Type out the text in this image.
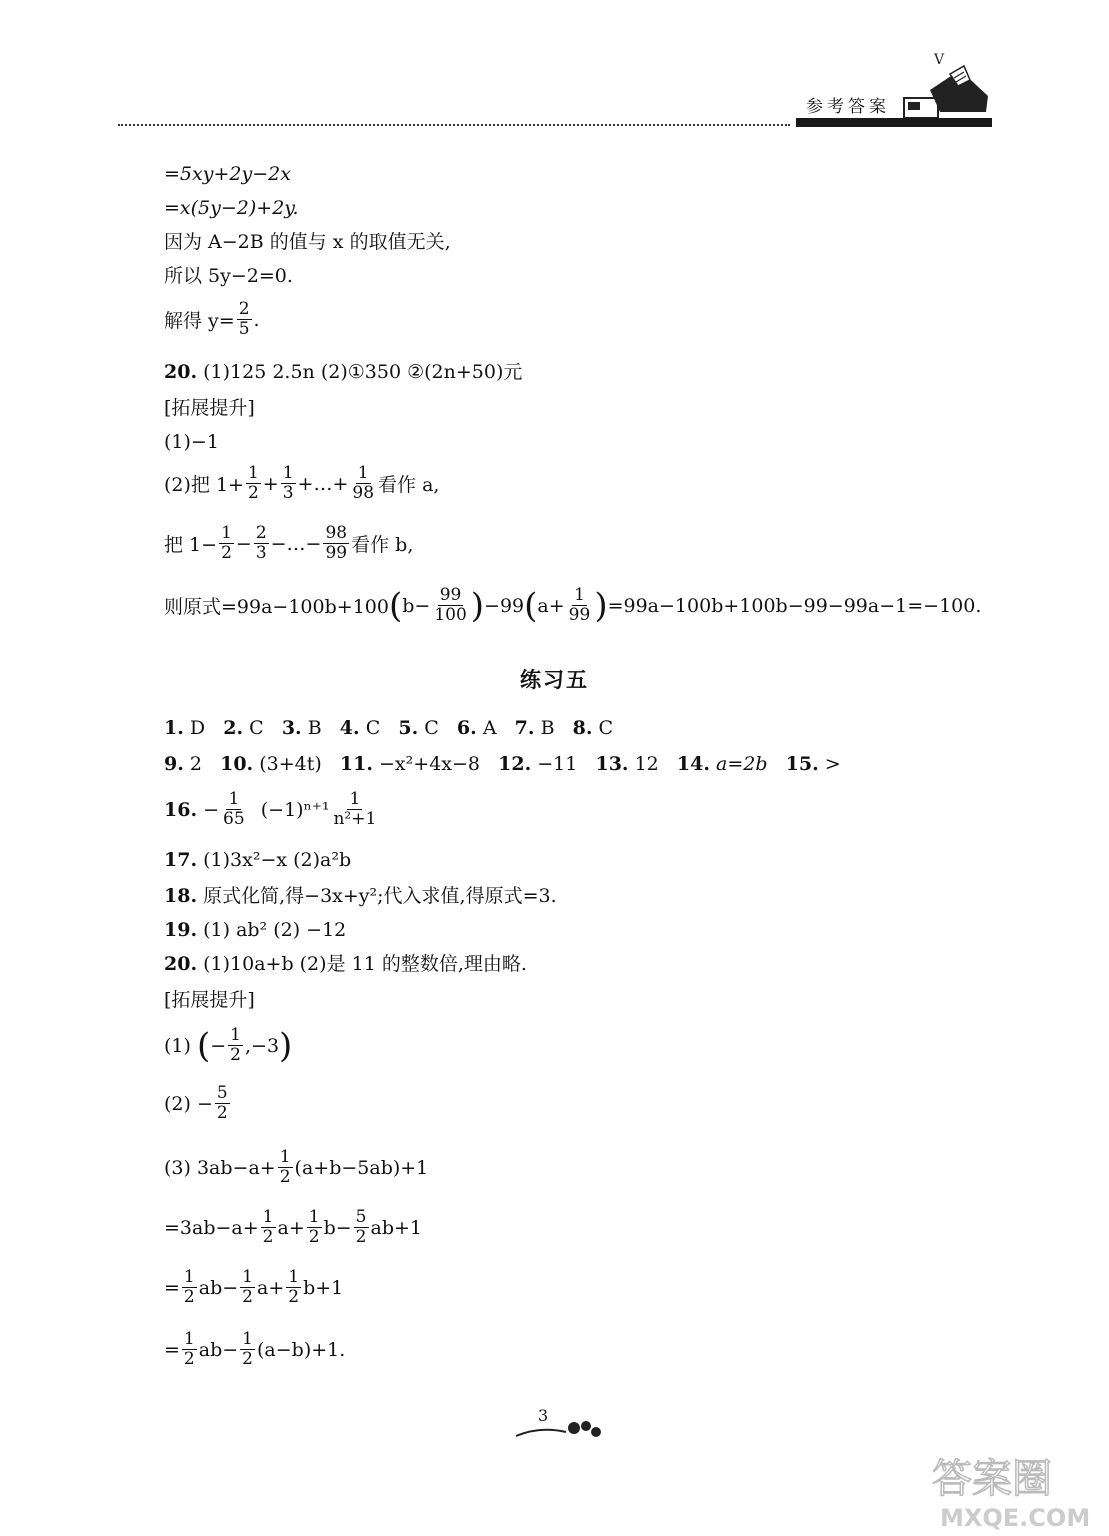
V
参考答案
=5xy+2y−2x
=x(5y−2)+2y.
因为 A−2B 的值与 x 的取值无关,
所以 5y−2=0.
解得 $y= \frac{2}{5}$ .
20. (1)125 2.5n (2)①350 ②(2n+50)元
[拓展提升]
(1)−1
(2)把 $1+ \frac{1}{2} + \frac{1}{3}$ +…+ $\frac{1}{98}$ 看作 a,
把 $1- \frac{1}{2} - \frac{2}{3}$ −…− $\frac{98}{99}$ 看作 b,
则原式=99a−100b+100 ( $b- \frac{99}{100}$ ) −99 ( $a+ \frac{1}{99}$ ) =99a−100b+100b−99−99a−1=−100.
练习五
1. D 2. C 3. B 4. C 5. C 6. A 7. B 8. C
9. 2 10. (3+4t) 11. −x²+4x−8 12. −11 13. 12 14. a=2b 15. >
16.
− $\frac{1}{65}$
$(-1)^{n+1} \frac{1}{\text{n²+1}}$
17. (1)3x²−x (2)a²b
18. 原式化简,得−3x+y²;代入求值,得原式=3.
19. (1) ab² (2) −12
20. (1)10a+b (2)是 11 的整数倍,理由略.
[拓展提升]
(1)
( − $\frac{1}{2} ,-3$ )
$(2) - \frac{5}{2}$
(3) $3ab-a+ \frac{1}{2} (a+b-5ab)+1$
$=3ab-a+ \frac{1}{2} a+ \frac{1}{2} b- \frac{5}{2} ab+1$
= $\frac{1}{2} ab- \frac{1}{2} a+ \frac{1}{2} b+1$
= $\frac{1}{2} ab- \frac{1}{2} (a-b)+1$.
3
答案圈
MXQE.COM
